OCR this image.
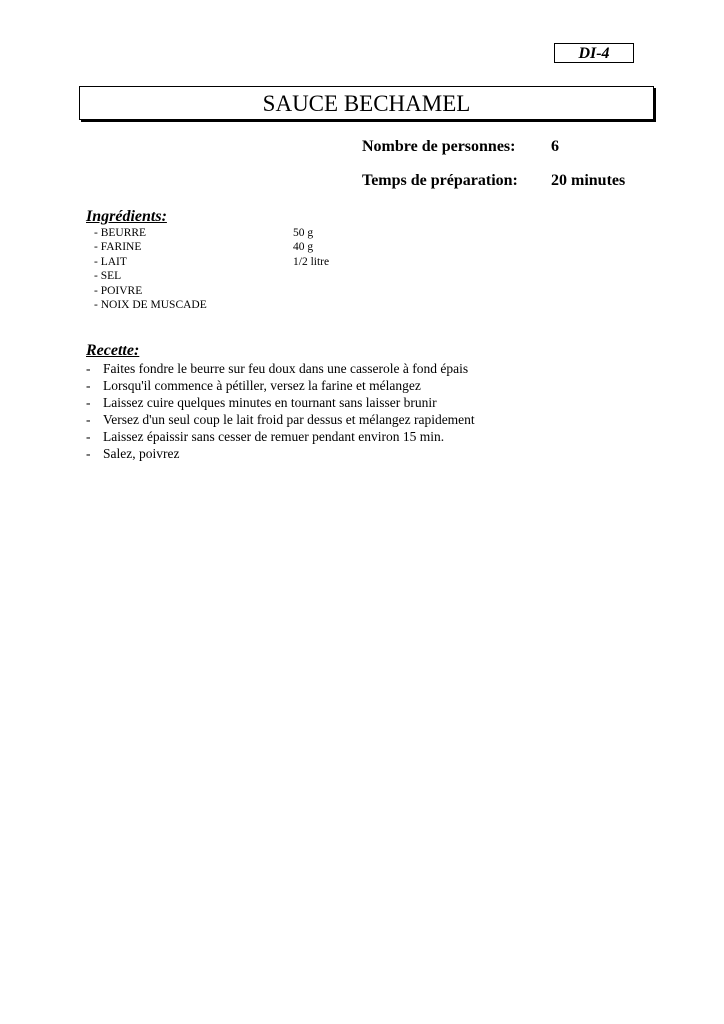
DI-4
SAUCE BECHAMEL
Nombre de personnes:	6
Temps de préparation:	20 minutes
Ingrédients:
- BEURRE	50 g
- FARINE	40 g
- LAIT	1/2 litre
- SEL
- POIVRE
- NOIX DE MUSCADE
Recette:
- Faites fondre le beurre sur feu doux dans une casserole à fond épais
- Lorsqu'il commence à pétiller, versez la farine et mélangez
- Laissez cuire quelques minutes en tournant sans laisser brunir
- Versez d'un seul coup le lait froid par dessus et mélangez rapidement
- Laissez épaissir sans cesser de remuer pendant environ 15 min.
- Salez, poivrez
